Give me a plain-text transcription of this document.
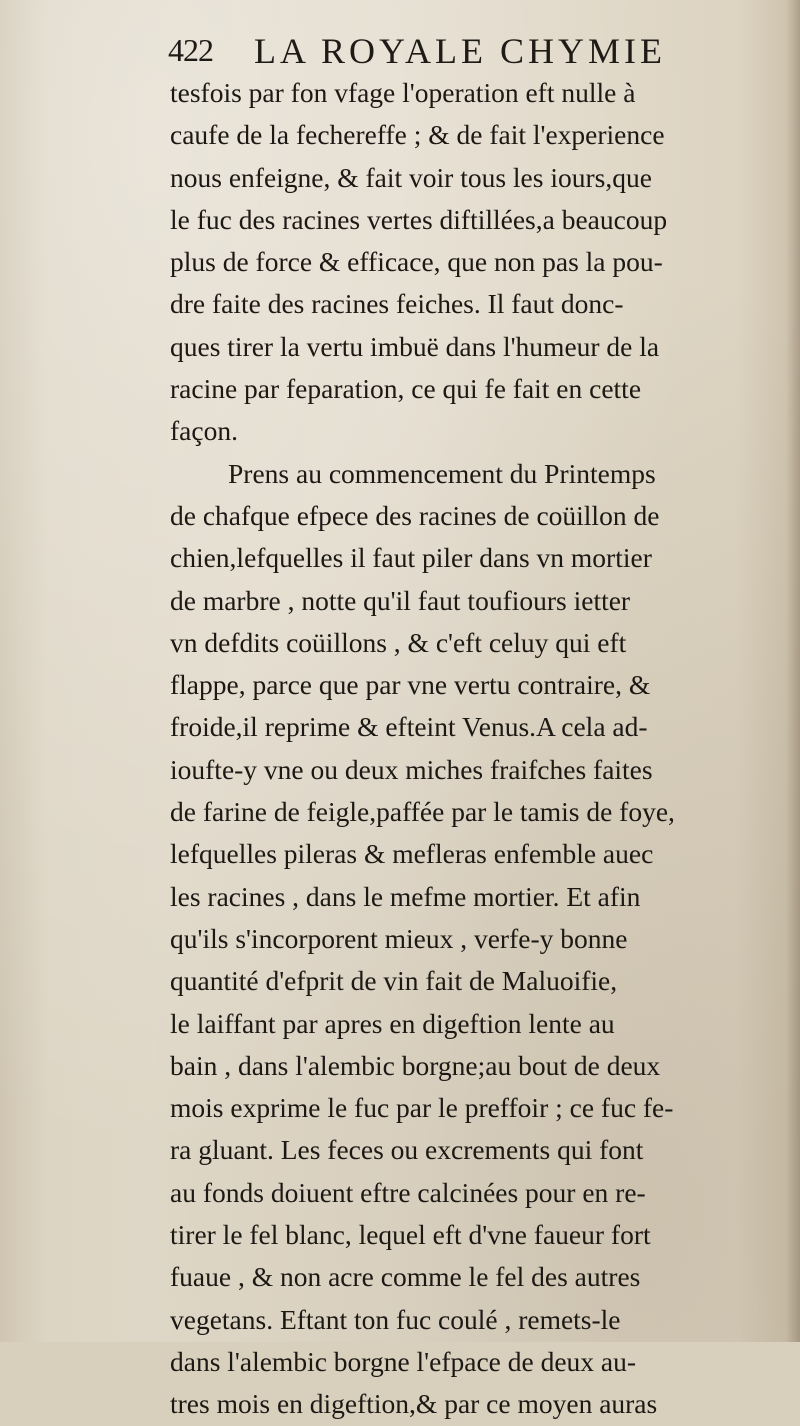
422 LA ROYALE CHYMIE
tesfois par fon vfage l'operation eft nulle à
caufe de la fechereffe ; & de fait l'experience
nous enfeigne, & fait voir tous les iours,que
le fuc des racines vertes diftillées,a beaucoup
plus de force & efficace, que non pas la pou-
dre faite des racines feiches. Il faut donc-
ques tirer la vertu imbuë dans l'humeur de la
racine par feparation, ce qui fe fait en cette
façon.
Prens au commencement du Printemps
de chafque efpece des racines de coüillon de
chien,lefquelles il faut piler dans vn mortier
de marbre , notte qu'il faut toufiours ietter
vn defdits coüillons , & c'eft celuy qui eft
flappe, parce que par vne vertu contraire, &
froide,il reprime & efteint Venus.A cela ad-
ioufte-y vne ou deux miches fraifches faites
de farine de feigle,paffée par le tamis de foye,
lefquelles pileras & mefleras enfemble auec
les racines , dans le mefme mortier. Et afin
qu'ils s'incorporent mieux , verfe-y bonne
quantité d'efprit de vin fait de Maluoifie,
le laiffant par apres en digeftion lente au
bain , dans l'alembic borgne;au bout de deux
mois exprime le fuc par le preffoir ; ce fuc fe-
ra gluant. Les feces ou excrements qui font
au fonds doiuent eftre calcinées pour en re-
tirer le fel blanc, lequel eft d'vne faueur fort
fuaue , & non acre comme le fel des autres
vegetans. Eftant ton fuc coulé , remets-le
dans l'alembic borgne l'efpace de deux au-
tres mois en digeftion,& par ce moyen auras
